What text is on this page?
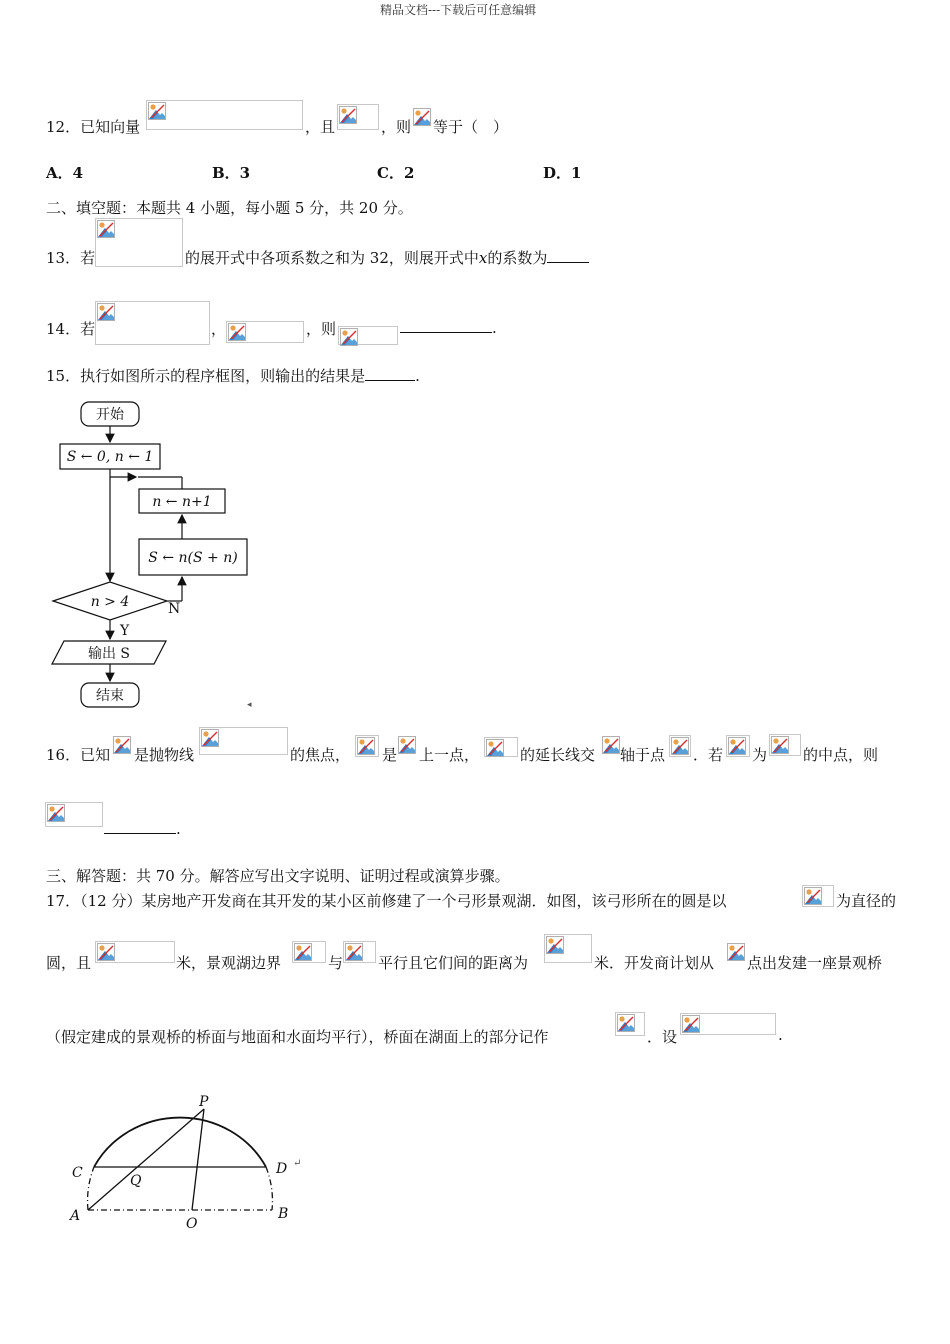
精品文档---下载后可任意编辑
12．已知向量	，且	，则 等于（　）
A．4	B．3	C．2	D．1
二、填空题：本题共 4 小题，每小题 5 分，共 20 分。
13．若	的展开式中各项系数之和为 32，则展开式中x的系数为
14．若	，	，则	.
15．执行如图所示的程序框图，则输出的结果是	.
开始
S ← 0, n ← 1
n ← n+1
S ← n(S + n)
n > 4	N
Y
输出 S
结束
◂
16．已知 是抛物线	的焦点， 是 上一点，	的延长线交 轴于点 ．若 为 的中点，则
.
三、解答题：共 70 分。解答应写出文字说明、证明过程或演算步骤。
17．（12 分）某房地产开发商在其开发的某小区前修建了一个弓形景观湖．如图，该弓形所在的圆是以	为直径的
圆，且	米，景观湖边界	与 平行且它们间的距离为	米．开发商计划从 点出发建一座景观桥
（假定建成的景观桥的桥面与地面和水面均平行），桥面在湖面上的部分记作	．设	.
P
C	D
Q
A	O
B
↵
